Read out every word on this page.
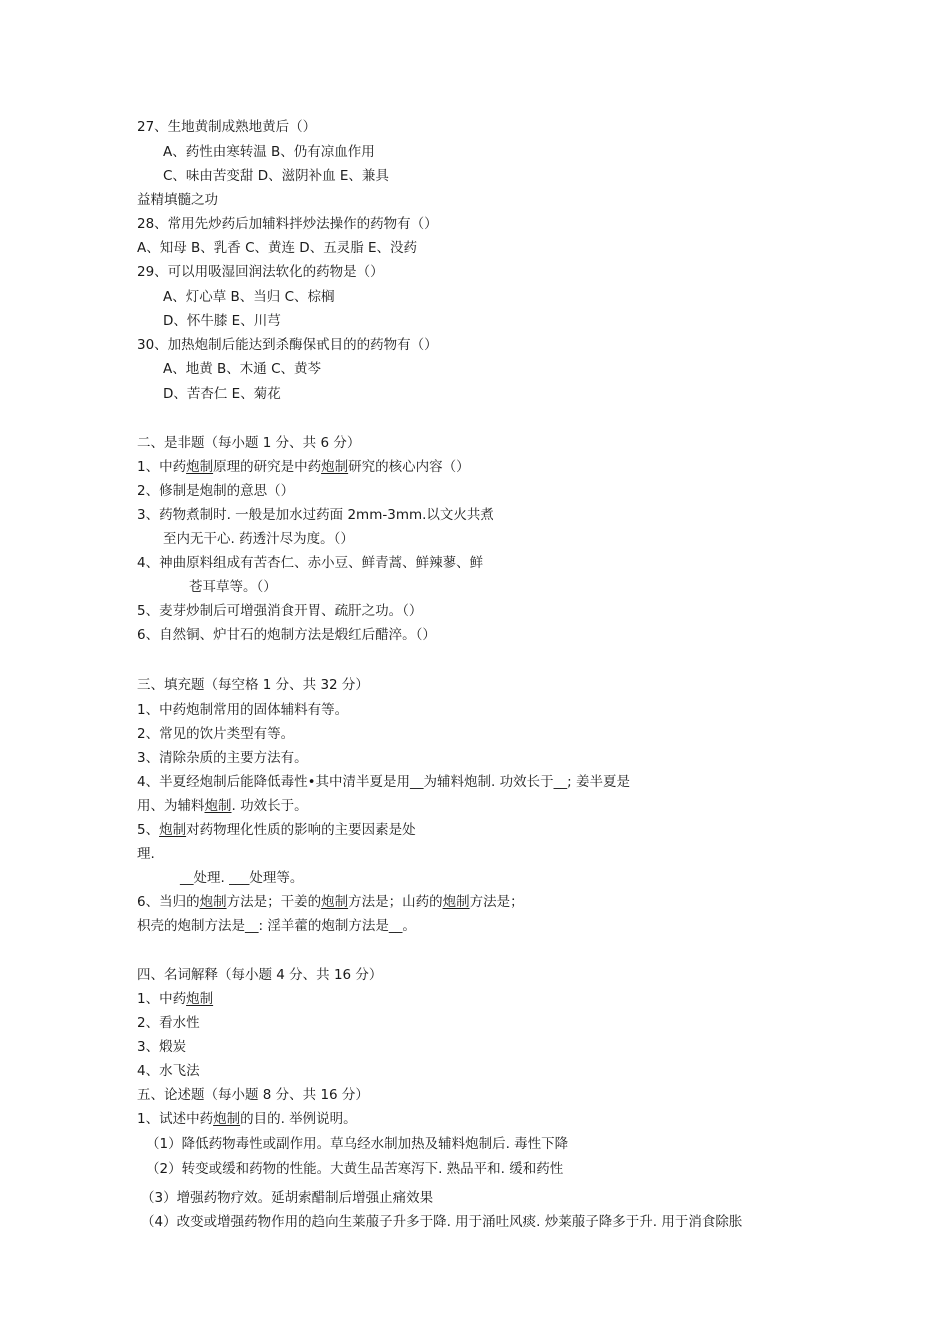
27、生地黄制成熟地黄后（）
A、药性由寒转温 B、仍有凉血作用
C、味由苦变甜 D、滋阴补血 E、兼具
益精填髓之功
28、常用先炒药后加辅料拌炒法操作的药物有（）
A、知母 B、乳香 C、黄连 D、五灵脂 E、没药
29、可以用吸湿回润法软化的药物是（）
A、灯心草 B、当归 C、棕榈
D、怀牛膝 E、川芎
30、加热炮制后能达到杀酶保甙目的的药物有（）
A、地黄 B、木通 C、黄芩
D、苦杏仁 E、菊花
二、是非题（每小题 1 分、共 6 分）
1、中药炮制原理的研究是中药炮制研究的核心内容（）
2、修制是炮制的意思（）
3、药物煮制时. 一般是加水过药面 2mm-3mm.以文火共煮
至内无干心. 药透汁尽为度。（）
4、神曲原料组成有苦杏仁、赤小豆、鲜青蒿、鲜辣蓼、鲜
苍耳草等。（）
5、麦芽炒制后可增强消食开胃、疏肝之功。（）
6、自然铜、炉甘石的炮制方法是煅红后醋淬。（）
三、填充题（每空格 1 分、共 32 分）
1、中药炮制常用的固体辅料有等。
2、常见的饮片类型有等。
3、清除杂质的主要方法有。
4、半夏经炮制后能降低毒性•其中清半夏是用__为辅料炮制. 功效长于__; 姜半夏是
用、为辅料炮制. 功效长于。
5、炮制对药物理化性质的影响的主要因素是处
理.
__处理. ___处理等。
6、当归的炮制方法是；干姜的炮制方法是；山药的炮制方法是；
枳壳的炮制方法是__: 淫羊藿的炮制方法是__。
四、名词解释（每小题 4 分、共 16 分）
1、中药炮制
2、看水性
3、煅炭
4、水飞法
五、论述题（每小题 8 分、共 16 分）
1、试述中药炮制的目的. 举例说明。
（1）降低药物毒性或副作用。草乌经水制加热及辅料炮制后. 毒性下降
（2）转变或缓和药物的性能。大黄生品苦寒泻下. 熟品平和. 缓和药性
（3）增强药物疗效。延胡索醋制后增强止痛效果
（4）改变或增强药物作用的趋向生莱菔子升多于降. 用于涌吐风痰. 炒莱菔子降多于升. 用于消食除胀
